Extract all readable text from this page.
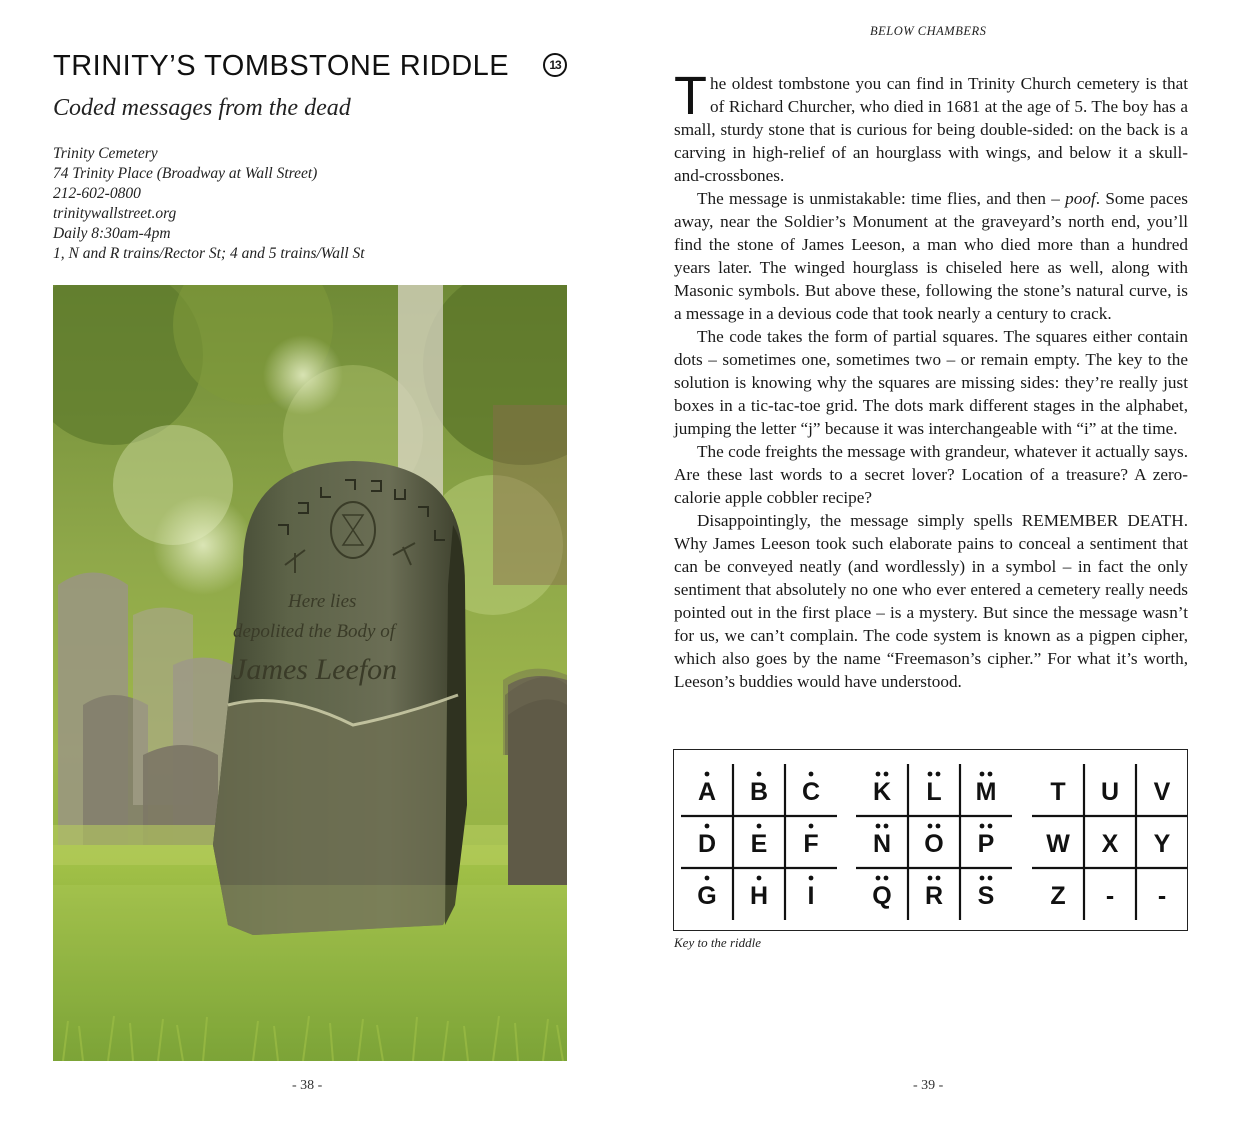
TRINITY’S TOMBSTONE RIDDLE	13
Coded messages from the dead
Trinity Cemetery
74 Trinity Place (Broadway at Wall Street)
212-602-0800
trinitywallstreet.org
Daily 8:30am-4pm
1, N and R trains/Rector St; 4 and 5 trains/Wall St
Here lies
depolited the Body of
James Leefon
- 38 -
BELOW CHAMBERS

The oldest tombstone you can find in Trinity Church cemetery is that of Richard Churcher, who died in 1681 at the age of 5. The boy has a small, sturdy stone that is curious for being double-sided: on the back is a carving in high-relief of an hourglass with wings, and below it a skull-and-crossbones.

The message is unmistakable: time flies, and then – poof. Some paces away, near the Soldier’s Monument at the graveyard’s north end, you’ll find the stone of James Leeson, a man who died more than a hundred years later. The winged hourglass is chiseled here as well, along with Masonic symbols. But above these, following the stone’s natural curve, is a message in a devious code that took nearly a century to crack.

The code takes the form of partial squares. The squares either contain dots – sometimes one, sometimes two – or remain empty. The key to the solution is knowing why the squares are missing sides: they’re really just boxes in a tic-tac-toe grid. The dots mark different stages in the alphabet, jumping the letter “j” because it was interchangeable with “i” at the time.

The code freights the message with grandeur, whatever it actually says. Are these last words to a secret lover? Location of a treasure? A zero-calorie apple cobbler recipe?

Disappointingly, the message simply spells REMEMBER DEATH. Why James Leeson took such elaborate pains to conceal a sentiment that can be conveyed neatly (and wordlessly) in a symbol – in fact the only sentiment that absolutely no one who ever entered a cemetery really needs pointed out in the first place – is a mystery. But since the message wasn’t for us, we can’t complain. The code system is known as a pigpen cipher, which also goes by the name “Freemason’s cipher.” For what it’s worth, Leeson’s buddies would have understood.

A B C
D E F
G H I
K L M
N O P
Q R S
T U V
W X Y
Z - -
Key to the riddle
- 39 -
